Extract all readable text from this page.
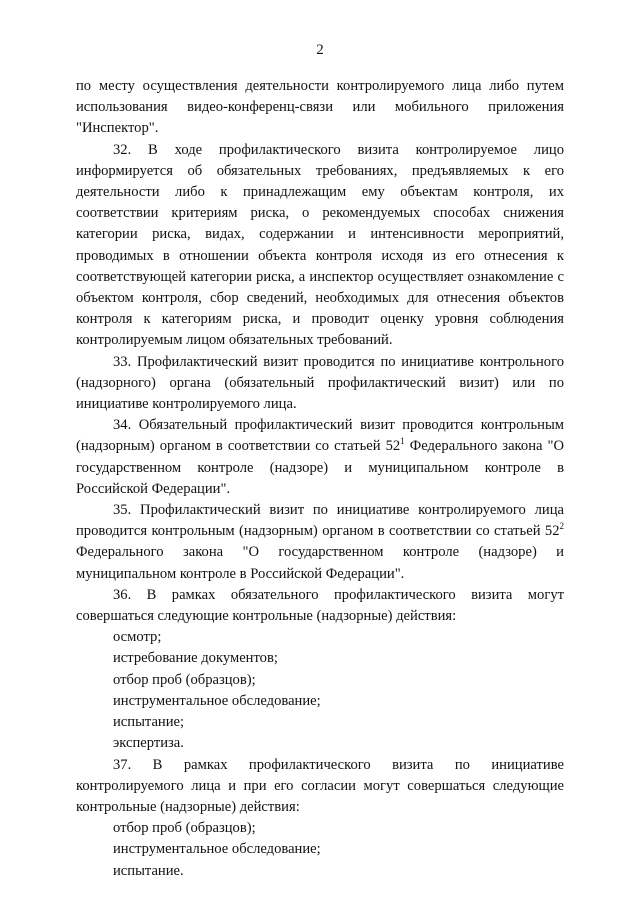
2

по месту осуществления деятельности контролируемого лица либо путем использования видео-конференц-связи или мобильного приложения "Инспектор".

32. В ходе профилактического визита контролируемое лицо информируется об обязательных требованиях, предъявляемых к его деятельности либо к принадлежащим ему объектам контроля, их соответствии критериям риска, о рекомендуемых способах снижения категории риска, видах, содержании и интенсивности мероприятий, проводимых в отношении объекта контроля исходя из его отнесения к соответствующей категории риска, а инспектор осуществляет ознакомление с объектом контроля, сбор сведений, необходимых для отнесения объектов контроля к категориям риска, и проводит оценку уровня соблюдения контролируемым лицом обязательных требований.

33. Профилактический визит проводится по инициативе контрольного (надзорного) органа (обязательный профилактический визит) или по инициативе контролируемого лица.

34. Обязательный профилактический визит проводится контрольным (надзорным) органом в соответствии со статьей $52^1$ Федерального закона "О государственном контроле (надзоре) и муниципальном контроле в Российской Федерации".

35. Профилактический визит по инициативе контролируемого лица проводится контрольным (надзорным) органом в соответствии со статьей $52^2$ Федерального закона "О государственном контроле (надзоре) и муниципальном контроле в Российской Федерации".

36. В рамках обязательного профилактического визита могут совершаться следующие контрольные (надзорные) действия:

осмотр;

истребование документов;

отбор проб (образцов);

инструментальное обследование;

испытание;

экспертиза.

37. В рамках профилактического визита по инициативе контролируемого лица и при его согласии могут совершаться следующие контрольные (надзорные) действия:

отбор проб (образцов);

инструментальное обследование;

испытание.
